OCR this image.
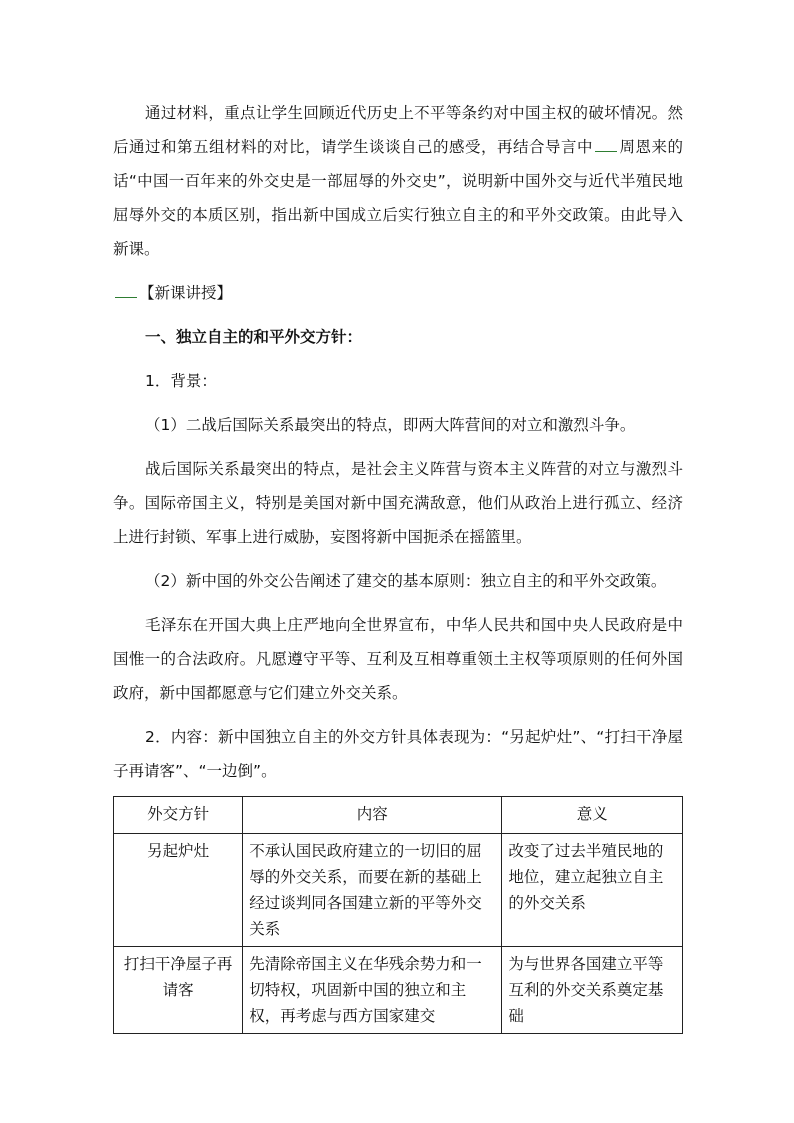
通过材料，重点让学生回顾近代历史上不平等条约对中国主权的破坏情况。然后通过和第五组材料的对比，请学生谈谈自己的感受，再结合导言中 周恩来的话“中国一百年来的外交史是一部屈辱的外交史”，说明新中国外交与近代半殖民地屈辱外交的本质区别，指出新中国成立后实行独立自主的和平外交政策。由此导入新课。

【新课讲授】

一、独立自主的和平外交方针：

1．背景：

（1）二战后国际关系最突出的特点，即两大阵营间的对立和激烈斗争。

战后国际关系最突出的特点，是社会主义阵营与资本主义阵营的对立与激烈斗争。国际帝国主义，特别是美国对新中国充满敌意，他们从政治上进行孤立、经济上进行封锁、军事上进行威胁，妄图将新中国扼杀在摇篮里。

（2）新中国的外交公告阐述了建交的基本原则：独立自主的和平外交政策。

毛泽东在开国大典上庄严地向全世界宣布，中华人民共和国中央人民政府是中国惟一的合法政府。凡愿遵守平等、互利及互相尊重领土主权等项原则的任何外国政府，新中国都愿意与它们建立外交关系。

2．内容：新中国独立自主的外交方针具体表现为：“另起炉灶”、“打扫干净屋子再请客”、“一边倒”。

外交方针	内容	意义
另起炉灶	不承认国民政府建立的一切旧的屈辱的外交关系，而要在新的基础上经过谈判同各国建立新的平等外交关系	改变了过去半殖民地的地位，建立起独立自主的外交关系
打扫干净屋子再请客	先清除帝国主义在华残余势力和一切特权，巩固新中国的独立和主权，再考虑与西方国家建交	为与世界各国建立平等互利的外交关系奠定基础
